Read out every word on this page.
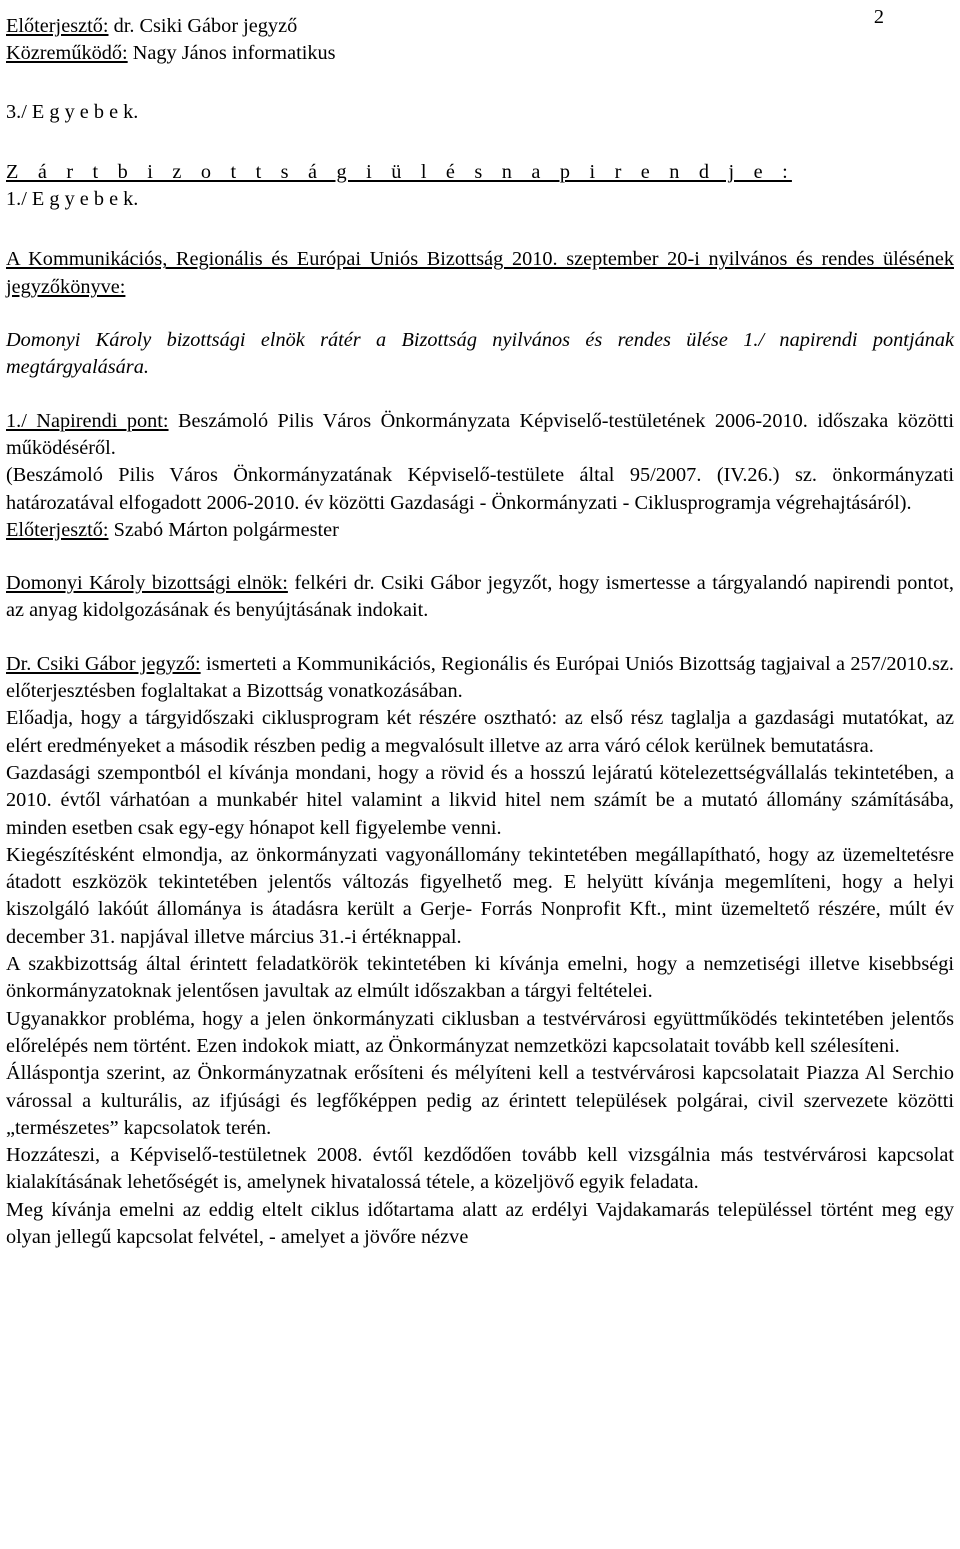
2
Előterjesztő: dr. Csiki Gábor jegyző
Közreműködő: Nagy János informatikus
3./ E g y e b e k.
Z á r t b i z o t t s á g i ü l é s n a p i r e n d j e :
1./ E g y e b e k.

A Kommunikációs, Regionális és Európai Uniós Bizottság 2010. szeptember 20-i nyilvános és rendes ülésének jegyzőkönyve:

Domonyi Károly bizottsági elnök rátér a Bizottság nyilvános és rendes ülése 1./ napirendi pontjának megtárgyalására.

1./ Napirendi pont: Beszámoló Pilis Város Önkormányzata Képviselő-testületének 2006-2010. időszaka közötti működéséről.

(Beszámoló Pilis Város Önkormányzatának Képviselő-testülete által 95/2007. (IV.26.) sz. önkormányzati határozatával elfogadott 2006-2010. év közötti Gazdasági - Önkormányzati - Ciklusprogramja végrehajtásáról).

Előterjesztő: Szabó Márton polgármester

Domonyi Károly bizottsági elnök: felkéri dr. Csiki Gábor jegyzőt, hogy ismertesse a tárgyalandó napirendi pontot, az anyag kidolgozásának és benyújtásának indokait.

Dr. Csiki Gábor jegyző: ismerteti a Kommunikációs, Regionális és Európai Uniós Bizottság tagjaival a 257/2010.sz. előterjesztésben foglaltakat a Bizottság vonatkozásában.

Előadja, hogy a tárgyidőszaki ciklusprogram két részére osztható: az első rész taglalja a gazdasági mutatókat, az elért eredményeket a második részben pedig a megvalósult illetve az arra váró célok kerülnek bemutatásra.

Gazdasági szempontból el kívánja mondani, hogy a rövid és a hosszú lejáratú kötelezettségvállalás tekintetében, a 2010. évtől várhatóan a munkabér hitel valamint a likvid hitel nem számít be a mutató állomány számításába, minden esetben csak egy-egy hónapot kell figyelembe venni.

Kiegészítésként elmondja, az önkormányzati vagyonállomány tekintetében megállapítható, hogy az üzemeltetésre átadott eszközök tekintetében jelentős változás figyelhető meg. E helyütt kívánja megemlíteni, hogy a helyi kiszolgáló lakóút állománya is átadásra került a Gerje- Forrás Nonprofit Kft., mint üzemeltető részére, múlt év december 31. napjával illetve március 31.-i értéknappal.

A szakbizottság által érintett feladatkörök tekintetében ki kívánja emelni, hogy a nemzetiségi illetve kisebbségi önkormányzatoknak jelentősen javultak az elmúlt időszakban a tárgyi feltételei.

Ugyanakkor probléma, hogy a jelen önkormányzati ciklusban a testvérvárosi együttműködés tekintetében jelentős előrelépés nem történt. Ezen indokok miatt, az Önkormányzat nemzetközi kapcsolatait tovább kell szélesíteni.

Álláspontja szerint, az Önkormányzatnak erősíteni és mélyíteni kell a testvérvárosi kapcsolatait Piazza Al Serchio várossal a kulturális, az ifjúsági és legfőképpen pedig az érintett települések polgárai, civil szervezete közötti „természetes” kapcsolatok terén.

Hozzáteszi, a Képviselő-testületnek 2008. évtől kezdődően tovább kell vizsgálnia más testvérvárosi kapcsolat kialakításának lehetőségét is, amelynek hivatalossá tétele, a közeljövő egyik feladata.

Meg kívánja emelni az eddig eltelt ciklus időtartama alatt az erdélyi Vajdakamarás településsel történt meg egy olyan jellegű kapcsolat felvétel, - amelyet a jövőre nézve
